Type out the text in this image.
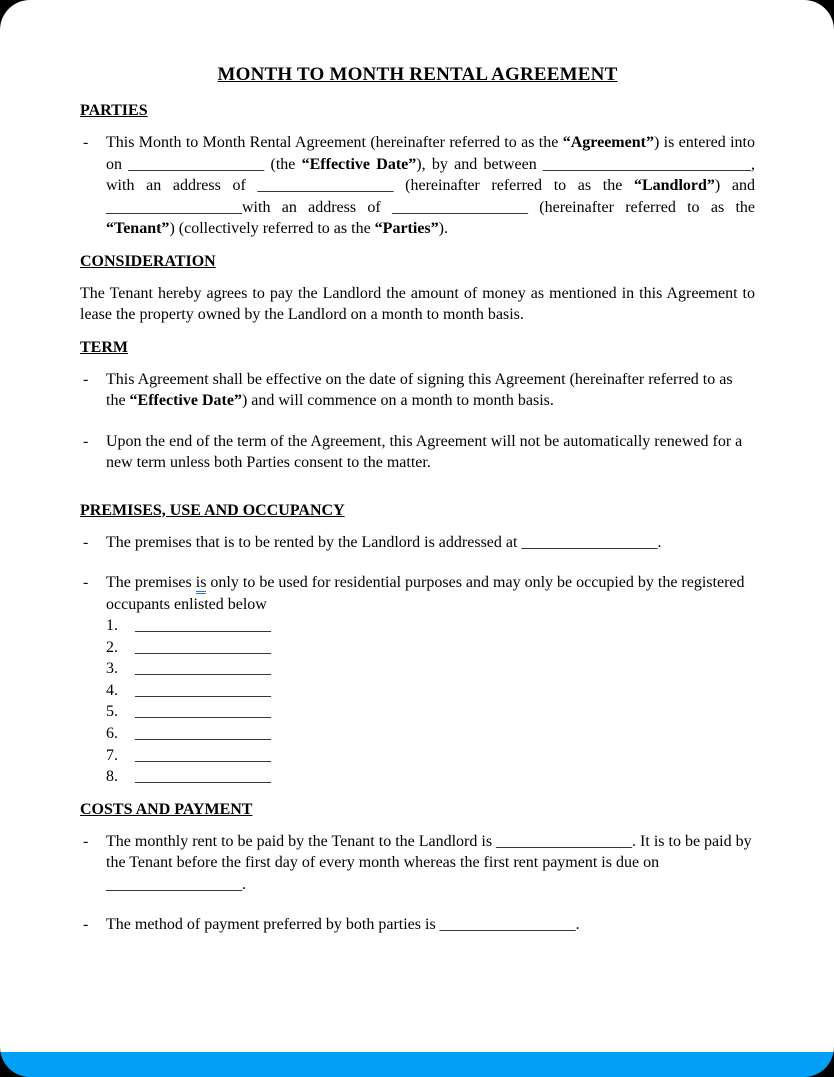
MONTH TO MONTH RENTAL AGREEMENT
PARTIES
- This Month to Month Rental Agreement (hereinafter referred to as the “Agreement”) is entered into on _________________ (the “Effective Date”), by and between __________________________, with an address of _________________ (hereinafter referred to as the “Landlord”) and _________________with an address of _________________ (hereinafter referred to as the “Tenant”) (collectively referred to as the “Parties”).

CONSIDERATION

The Tenant hereby agrees to pay the Landlord the amount of money as mentioned in this Agreement to lease the property owned by the Landlord on a month to month basis.

TERM
- This Agreement shall be effective on the date of signing this Agreement (hereinafter referred to as the “Effective Date”) and will commence on a month to month basis.

- Upon the end of the term of the Agreement, this Agreement will not be automatically renewed for a new term unless both Parties consent to the matter.

PREMISES, USE AND OCCUPANCY
- The premises that is to be rented by the Landlord is addressed at _________________.

- The premises is only to be used for residential purposes and may only be occupied by the registered occupants enlisted below

1. _________________
2. _________________
3. _________________
4. _________________
5. _________________
6. _________________
7. _________________
8. _________________
COSTS AND PAYMENT
- The monthly rent to be paid by the Tenant to the Landlord is _________________. It is to be paid by the Tenant before the first day of every month whereas the first rent payment is due on _________________.

- The method of payment preferred by both parties is _________________.
